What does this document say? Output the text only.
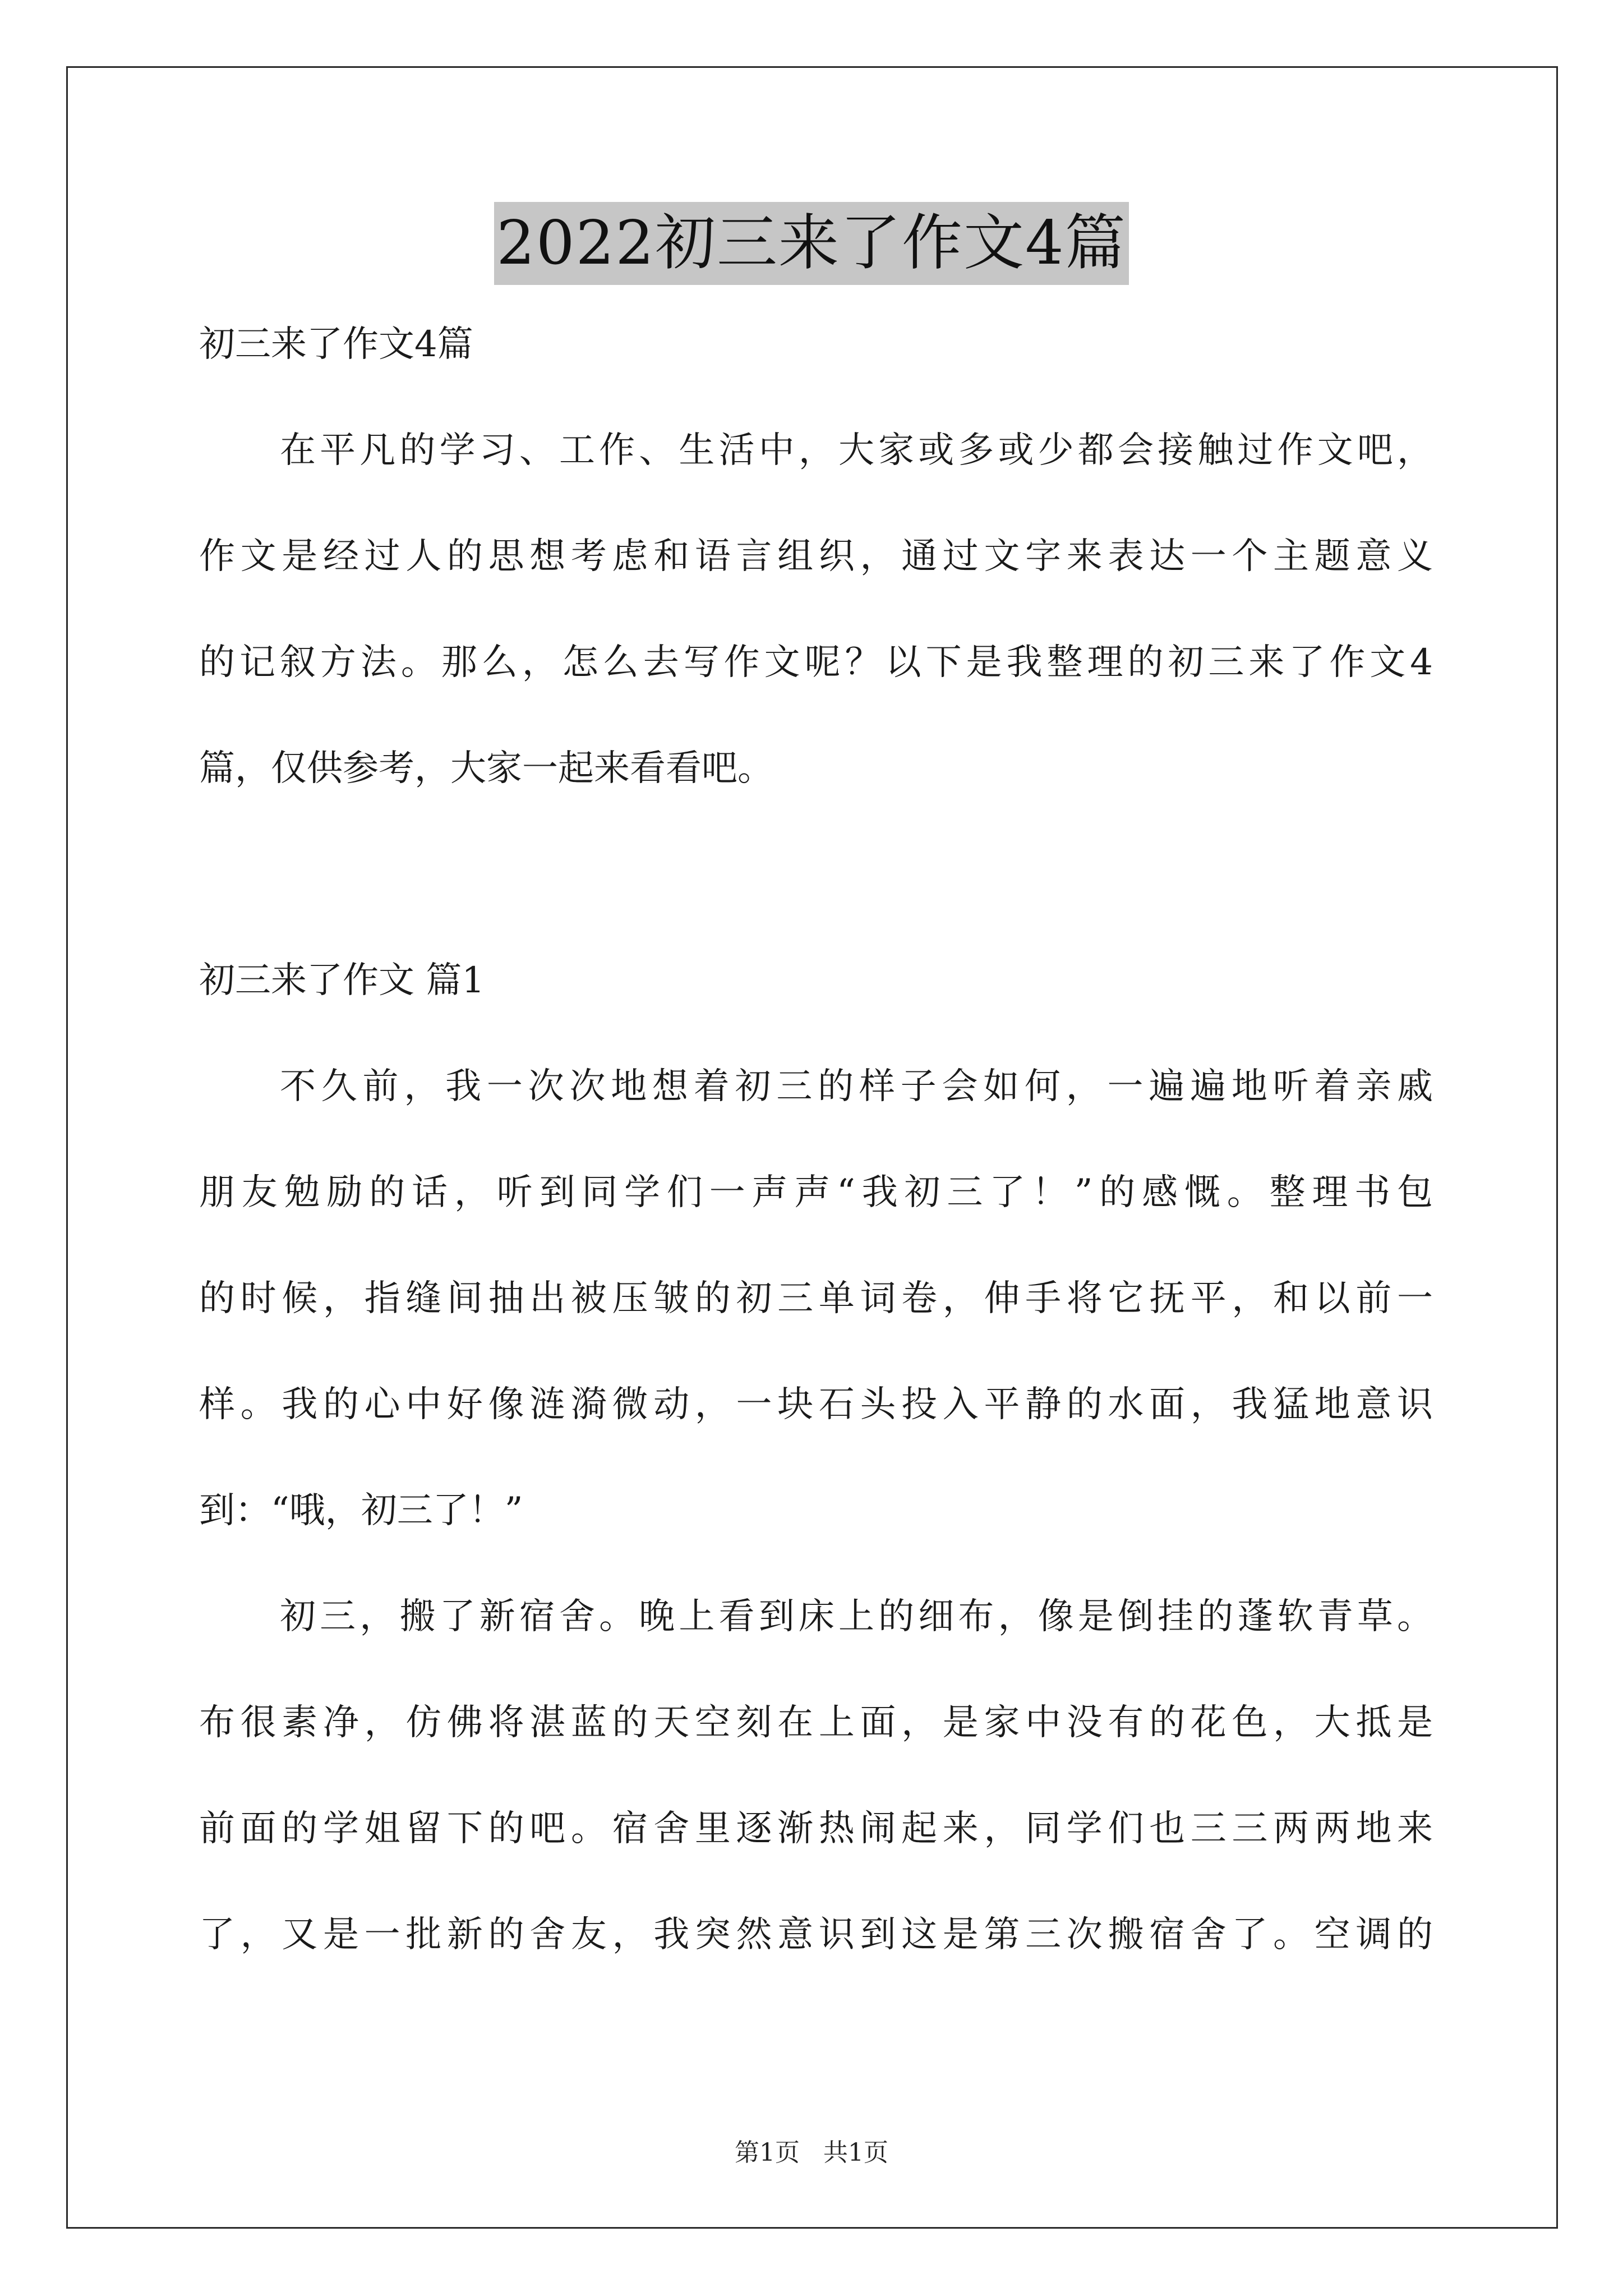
2022初三来了作文4篇

初三来了作文4篇

在平凡的学习、工作、生活中，大家或多或少都会接触过作文吧，

作文是经过人的思想考虑和语言组织，通过文字来表达一个主题意义

的记叙方法。那么，怎么去写作文呢？以下是我整理的初三来了作文4

篇，仅供参考，大家一起来看看吧。

初三来了作文 篇1

不久前，我一次次地想着初三的样子会如何，一遍遍地听着亲戚

朋友勉励的话，听到同学们一声声“我初三了！”的感慨。整理书包

的时候，指缝间抽出被压皱的初三单词卷，伸手将它抚平，和以前一

样。我的心中好像涟漪微动，一块石头投入平静的水面，我猛地意识

到：“哦，初三了！”

初三，搬了新宿舍。晚上看到床上的细布，像是倒挂的蓬软青草。

布很素净，仿佛将湛蓝的天空刻在上面，是家中没有的花色，大抵是

前面的学姐留下的吧。宿舍里逐渐热闹起来，同学们也三三两两地来

了，又是一批新的舍友，我突然意识到这是第三次搬宿舍了。空调的

第1页 共1页
